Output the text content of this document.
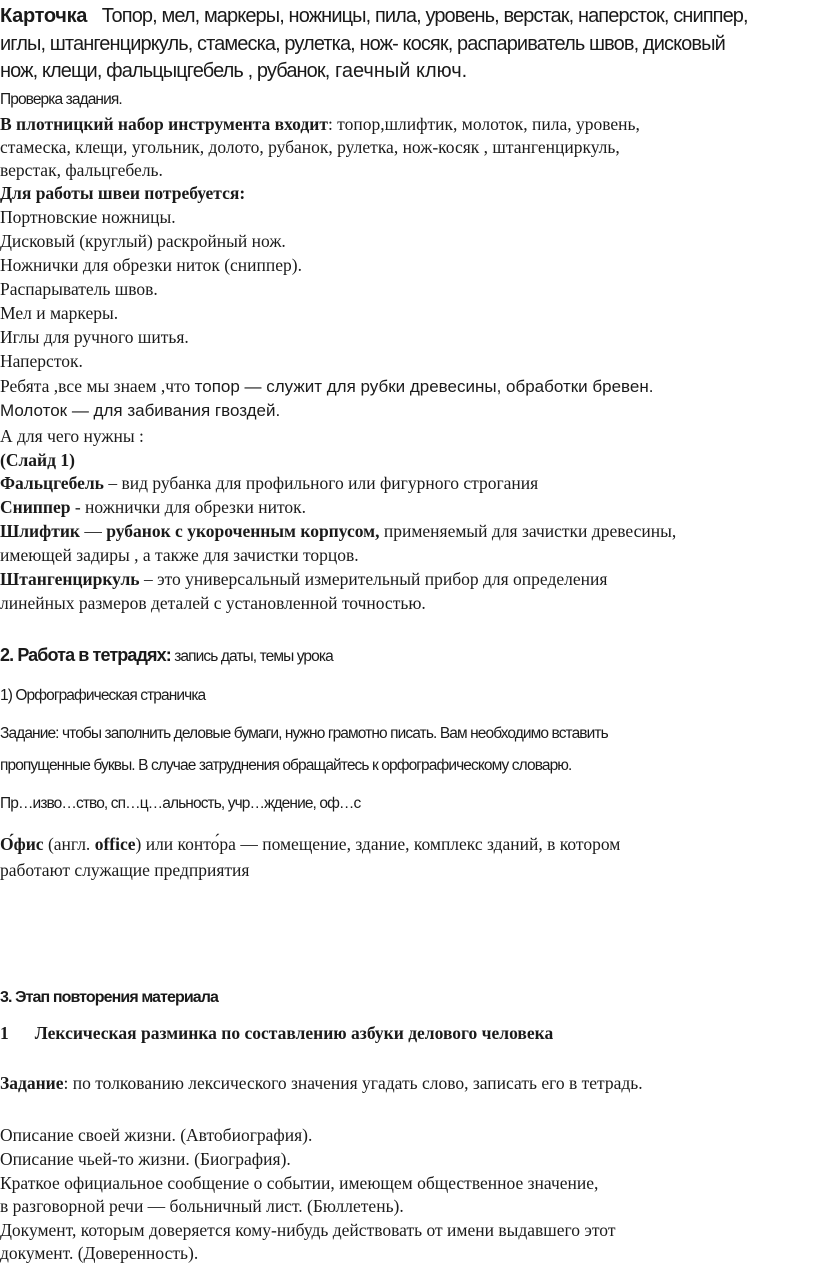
Карточка Топор, мел, маркеры, ножницы, пила, уровень, верстак, наперсток, сниппер,
иглы, штангенциркуль, стамеска, рулетка, нож- косяк, распариватель швов, дисковый
нож, клещи, фальцыцгебель , рубанок, гаечный ключ.
Проверка задания.
В плотницкий набор инструмента входит: топор,шлифтик, молоток, пила, уровень,
стамеска, клещи, угольник, долото, рубанок, рулетка, нож-косяк , штангенциркуль,
верстак, фальцгебель.
Для работы швеи потребуется:
Портновские ножницы.
Дисковый (круглый) раскройный нож.
Ножнички для обрезки ниток (сниппер).
Распарыватель швов.
Мел и маркеры.
Иглы для ручного шитья.
Наперсток.
Ребята ,все мы знаем ,что топор — служит для рубки древесины, обработки бревен.
Молоток — для забивания гвоздей.
А для чего нужны :
(Слайд 1)
Фальцгебель – вид рубанка для профильного или фигурного строгания
Сниппер - ножнички для обрезки ниток.
Шлифтик — рубанок с укороченным корпусом, применяемый для зачистки древесины,
имеющей задиры , а также для зачистки торцов.
Штангенциркуль – это универсальный измерительный прибор для определения
линейных размеров деталей с установленной точностью.
2. Работа в тетрадях: запись даты, темы урока
1) Орфографическая страничка
Задание: чтобы заполнить деловые бумаги, нужно грамотно писать. Вам необходимо вставить
пропущенные буквы. В случае затруднения обращайтесь к орфографическому словарю.
Пр…изво…ство, сп…ц…альность, учр…ждение, оф…с
О́фис (англ. office) или конто́ра — помещение, здание, комплекс зданий, в котором
работают служащие предприятия
3. Этап повторения материала
1 Лексическая разминка по составлению азбуки делового человека
Задание: по толкованию лексического значения угадать слово, записать его в тетрадь.
Описание своей жизни. (Автобиография).
Описание чьей-то жизни. (Биография).
Краткое официальное сообщение о событии, имеющем общественное значение,
в разговорной речи — больничный лист. (Бюллетень).
Документ, которым доверяется кому-нибудь действовать от имени выдавшего этот
документ. (Доверенность).
